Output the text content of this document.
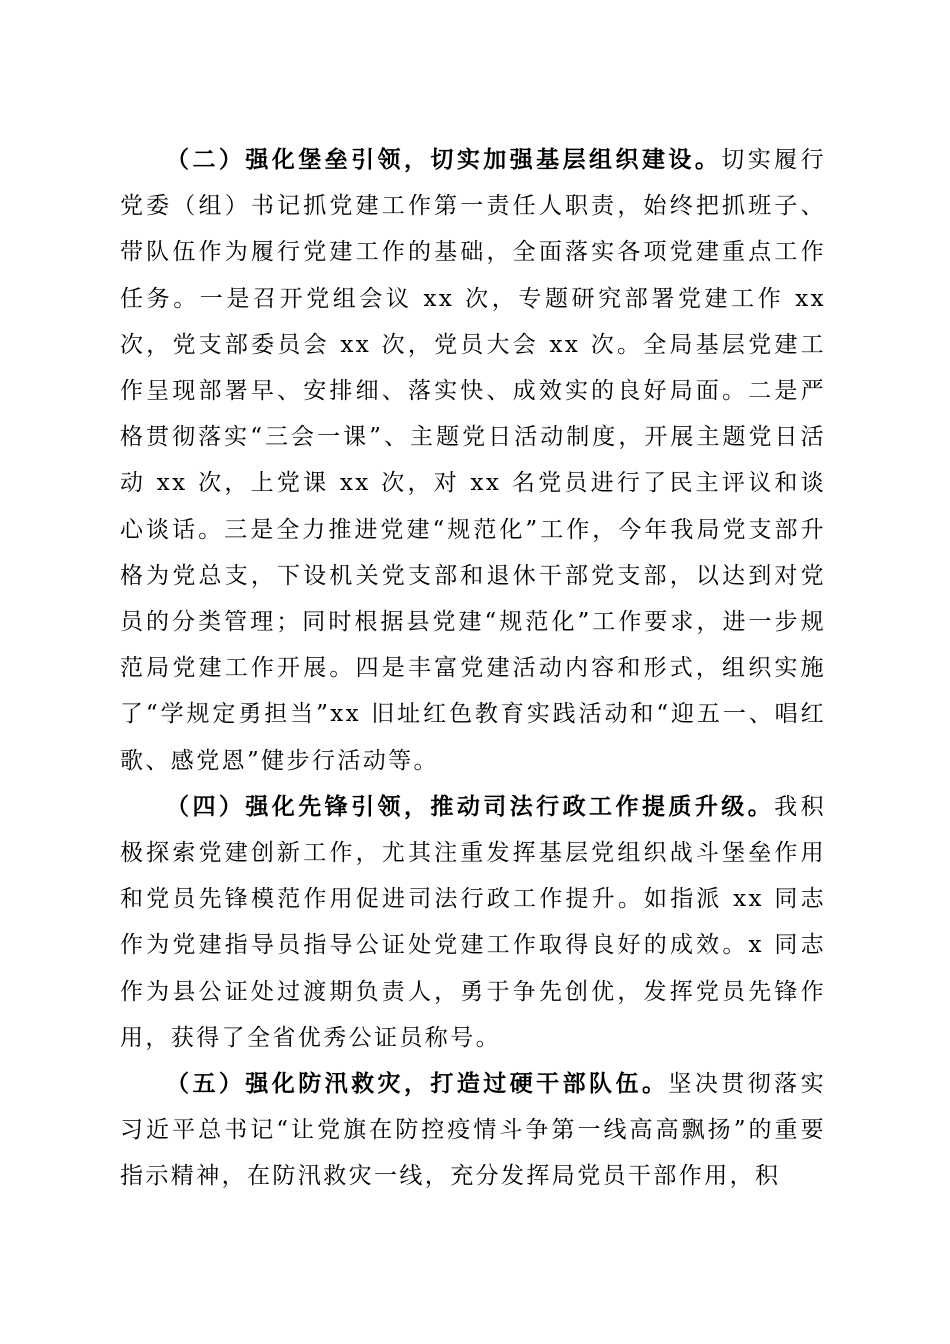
（二）强化堡垒引领，切实加强基层组织建设。切实履行党委（组）书记抓党建工作第一责任人职责，始终把抓班子、带队伍作为履行党建工作的基础，全面落实各项党建重点工作任务。一是召开党组会议 xx 次，专题研究部署党建工作 xx 次，党支部委员会 xx 次，党员大会 xx 次。全局基层党建工作呈现部署早、安排细、落实快、成效实的良好局面。二是严格贯彻落实“三会一课”、主题党日活动制度，开展主题党日活动 xx 次，上党课 xx 次，对 xx 名党员进行了民主评议和谈心谈话。三是全力推进党建“规范化”工作，今年我局党支部升格为党总支，下设机关党支部和退休干部党支部，以达到对党员的分类管理；同时根据县党建“规范化”工作要求，进一步规范局党建工作开展。四是丰富党建活动内容和形式，组织实施了“学规定勇担当”xx 旧址红色教育实践活动和“迎五一、唱红歌、感党恩”健步行活动等。

（四）强化先锋引领，推动司法行政工作提质升级。我积极探索党建创新工作，尤其注重发挥基层党组织战斗堡垒作用和党员先锋模范作用促进司法行政工作提升。如指派 xx 同志作为党建指导员指导公证处党建工作取得良好的成效。x 同志作为县公证处过渡期负责人，勇于争先创优，发挥党员先锋作用，获得了全省优秀公证员称号。

（五）强化防汛救灾，打造过硬干部队伍。坚决贯彻落实习近平总书记“让党旗在防控疫情斗争第一线高高飘扬”的重要指示精神，在防汛救灾一线，充分发挥局党员干部作用，积
